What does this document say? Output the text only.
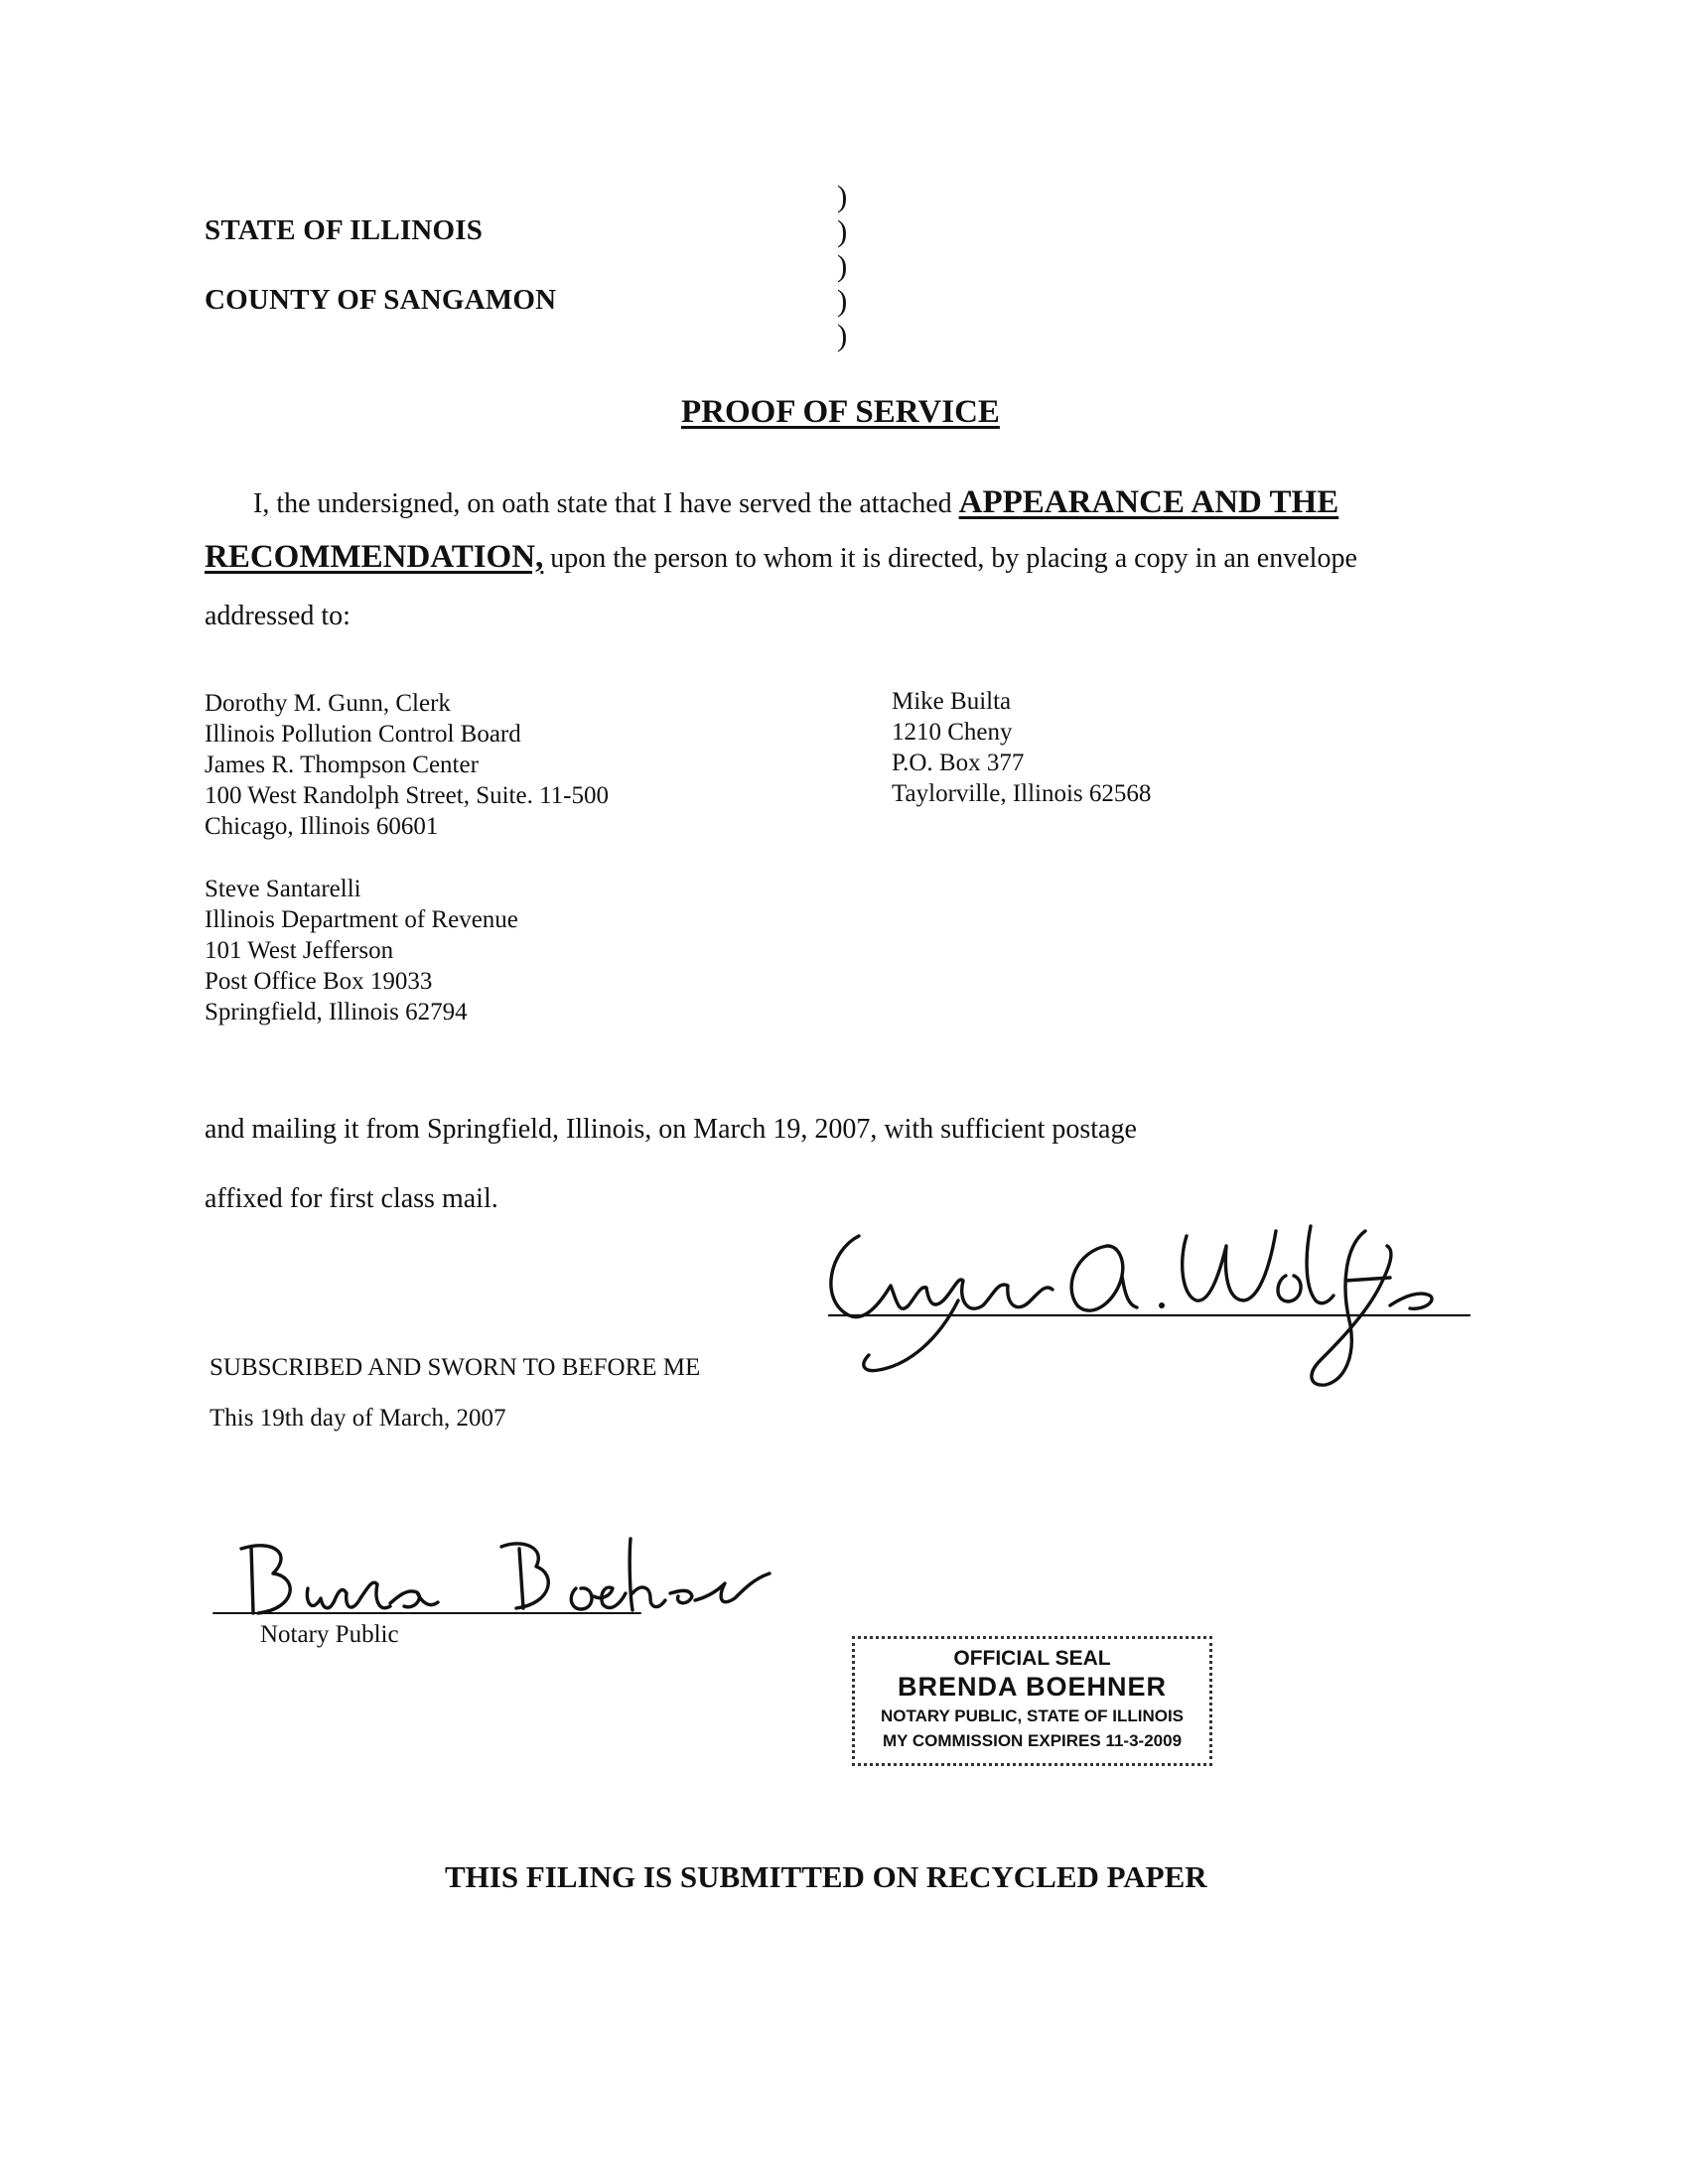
STATE OF ILLINOIS
COUNTY OF SANGAMON
)
)
)
)
)
PROOF OF SERVICE
I, the undersigned, on oath state that I have served the attached APPEARANCE AND THE
RECOMMENDATION, upon the person to whom it is directed, by placing a copy in an envelope
addressed to:
Dorothy M. Gunn, Clerk
Illinois Pollution Control Board
James R. Thompson Center
100 West Randolph Street, Suite. 11-500
Chicago, Illinois 60601
Mike Builta
1210 Cheny
P.O. Box 377
Taylorville, Illinois 62568
Steve Santarelli
Illinois Department of Revenue
101 West Jefferson
Post Office Box 19033
Springfield, Illinois 62794
and mailing it from Springfield, Illinois, on March 19, 2007, with sufficient postage
affixed for first class mail.
SUBSCRIBED AND SWORN TO BEFORE ME
This 19th day of March, 2007
Notary Public
OFFICIAL SEAL
BRENDA BOEHNER
NOTARY PUBLIC, STATE OF ILLINOIS
MY COMMISSION EXPIRES 11-3-2009
THIS FILING IS SUBMITTED ON RECYCLED PAPER
